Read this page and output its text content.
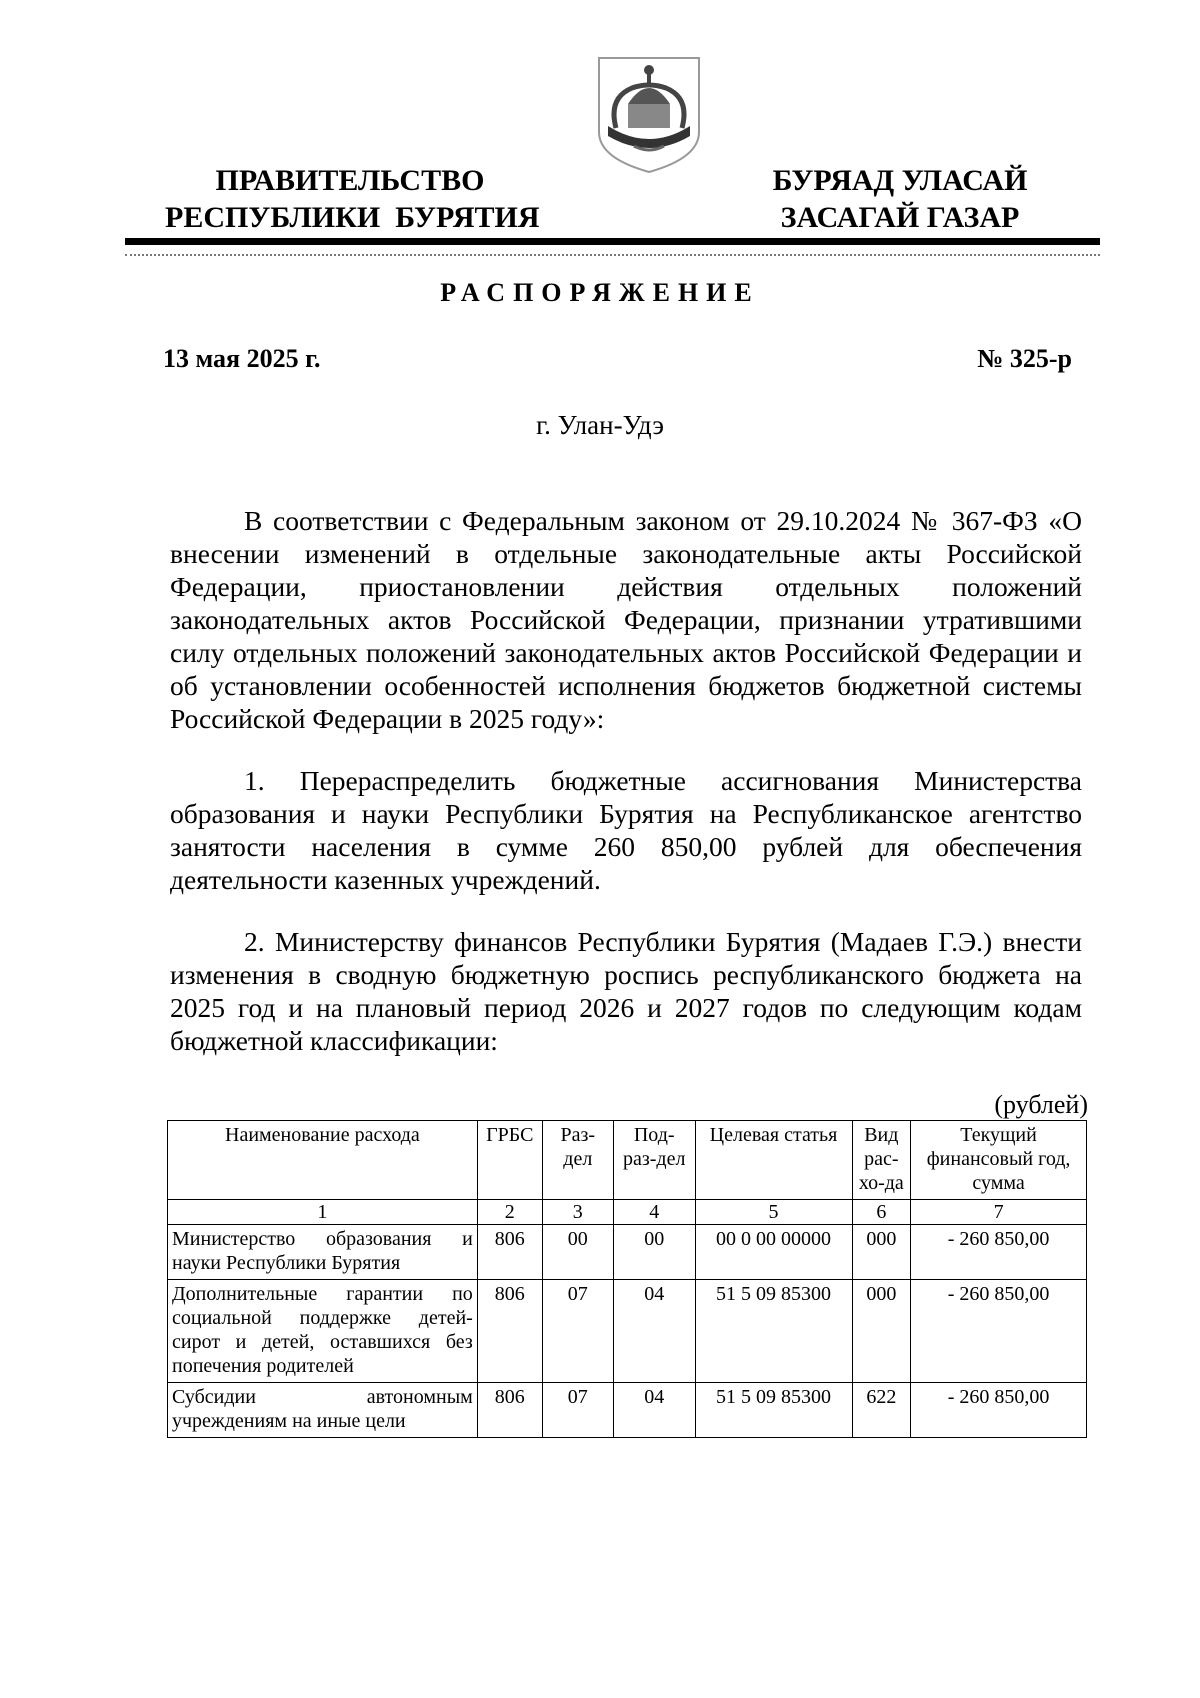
ПРАВИТЕЛЬСТВО
РЕСПУБЛИКИ  БУРЯТИЯ
БУРЯАД УЛАСАЙ
ЗАСАГАЙ ГАЗАР
РАСПОРЯЖЕНИЕ
13 мая 2025 г.	№ 325-р
г. Улан-Удэ

В соответствии с Федеральным законом от 29.10.2024 № 367-ФЗ «О внесении изменений в отдельные законодательные акты Российской Федерации, приостановлении действия отдельных положений законодательных актов Российской Федерации, признании утратившими силу отдельных положений законодательных актов Российской Федерации и об установлении особенностей исполнения бюджетов бюджетной системы Российской Федерации в 2025 году»:

1. Перераспределить бюджетные ассигнования Министерства образования и науки Республики Бурятия на Республиканское агентство занятости населения в сумме 260 850,00 рублей для обеспечения деятельности казенных учреждений.

2. Министерству финансов Республики Бурятия (Мадаев Г.Э.) внести изменения в сводную бюджетную роспись республиканского бюджета на 2025 год и на плановый период 2026 и 2027 годов по следующим кодам бюджетной классификации:

(рублей)
Наименование расхода	ГРБС	Раз-дел	Под-раз-дел	Целевая статья	Вид рас-хо-да	Текущий финансовый год, сумма
1	2	3	4	5	6	7
Министерство образования и науки Республики Бурятия	806	00	00	00 0 00 00000	000	- 260 850,00
Дополнительные гарантии по социальной поддержке детей-сирот и детей, оставшихся без попечения родителей	806	07	04	51 5 09 85300	000	- 260 850,00
Субсидии автономным учреждениям на иные цели	806	07	04	51 5 09 85300	622	- 260 850,00
